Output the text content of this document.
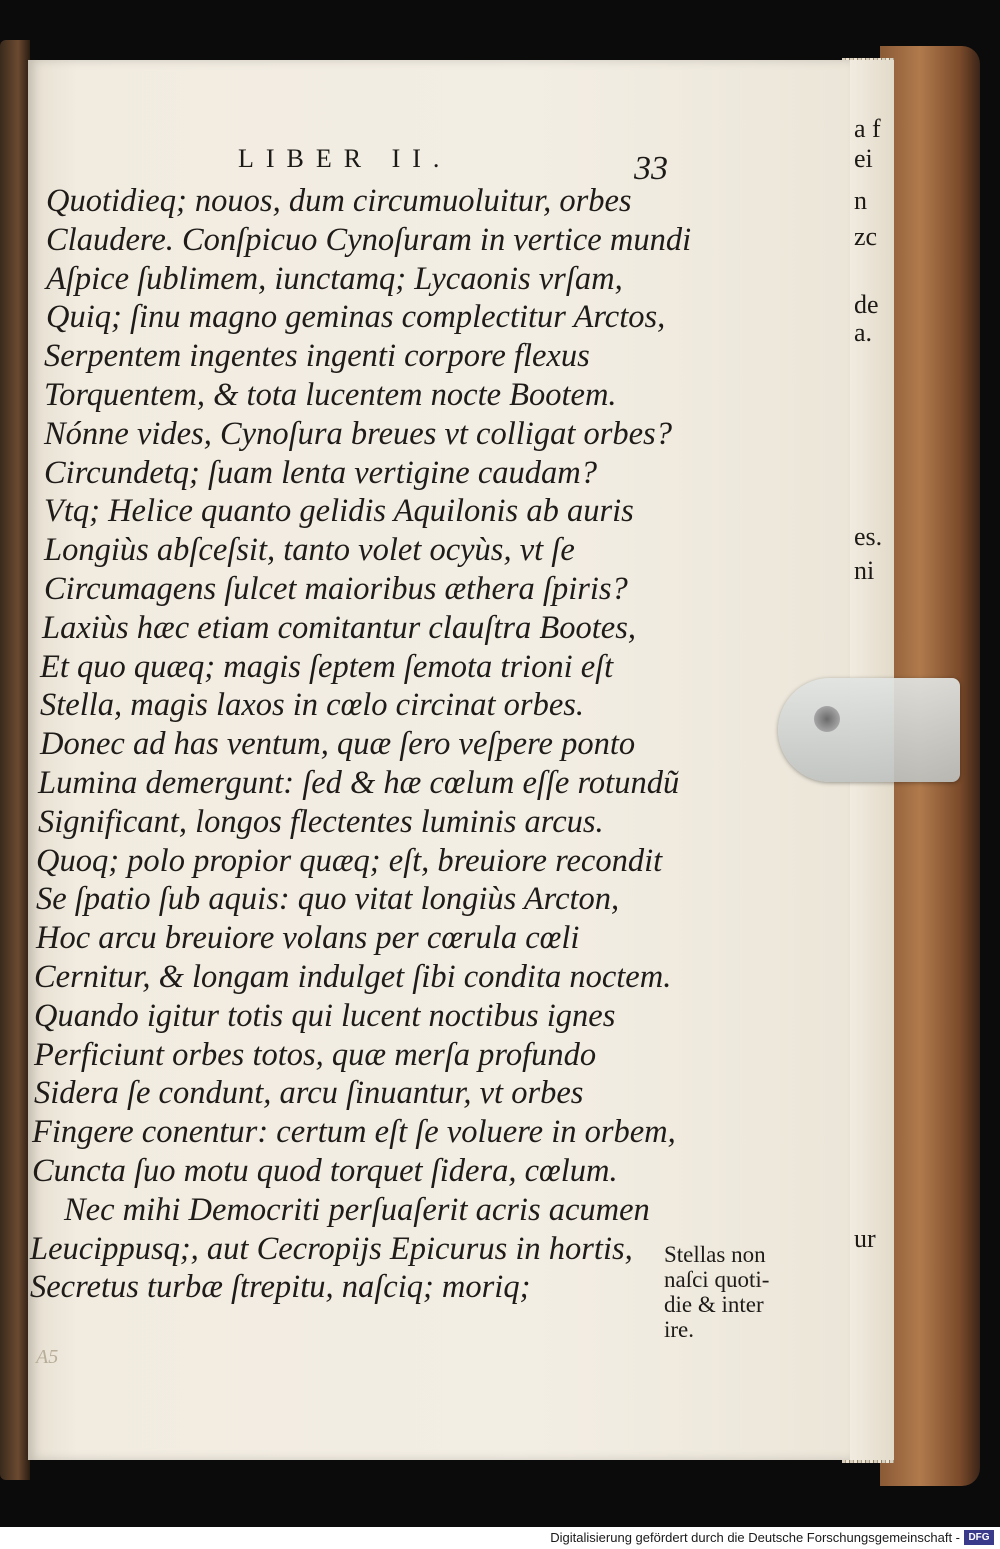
a f
ei
n
zc
de
a.
es.
ni
ur
LIBER II.	33
Quotidieq; nouos, dum circumuoluitur, orbes
Claudere. Conſpicuo Cynoſuram in vertice mundi
Aſpice ſublimem, iunctamq; Lycaonis vrſam,
Quiq; ſinu magno geminas complectitur Arctos,
Serpentem ingentes ingenti corpore flexus
Torquentem, & tota lucentem nocte Bootem.
Nónne vides, Cynoſura breues vt colligat orbes?
Circundetq; ſuam lenta vertigine caudam?
Vtq; Helice quanto gelidis Aquilonis ab auris
Longiùs abſceſsit, tanto volet ocyùs, vt ſe
Circumagens ſulcet maioribus æthera ſpiris?
Laxiùs hæc etiam comitantur clauſtra Bootes,
Et quo quæq; magis ſeptem ſemota trioni eſt
Stella, magis laxos in cœlo circinat orbes.
Donec ad has ventum, quæ ſero veſpere ponto
Lumina demergunt: ſed & hæ cœlum eſſe rotundũ
Significant, longos flectentes luminis arcus.
Quoq; polo propior quæq; eſt, breuiore recondit
Se ſpatio ſub aquis: quo vitat longiùs Arcton,
Hoc arcu breuiore volans per cœrula cœli
Cernitur, & longam indulget ſibi condita noctem.
Quando igitur totis qui lucent noctibus ignes
Perficiunt orbes totos, quæ merſa profundo
Sidera ſe condunt, arcu ſinuantur, vt orbes
Fingere conentur: certum eſt ſe voluere in orbem,
Cuncta ſuo motu quod torquet ſidera, cœlum.
Nec mihi Democriti perſuaſerit acris acumen
Leucippusq;, aut Cecropijs Epicurus in hortis,
Secretus turbæ ſtrepitu, naſciq; moriq;
Stellas non
naſci quoti-
die & inter
ire.
A5
Digitalisierung gefördert durch die Deutsche Forschungsgemeinschaft - DFG
